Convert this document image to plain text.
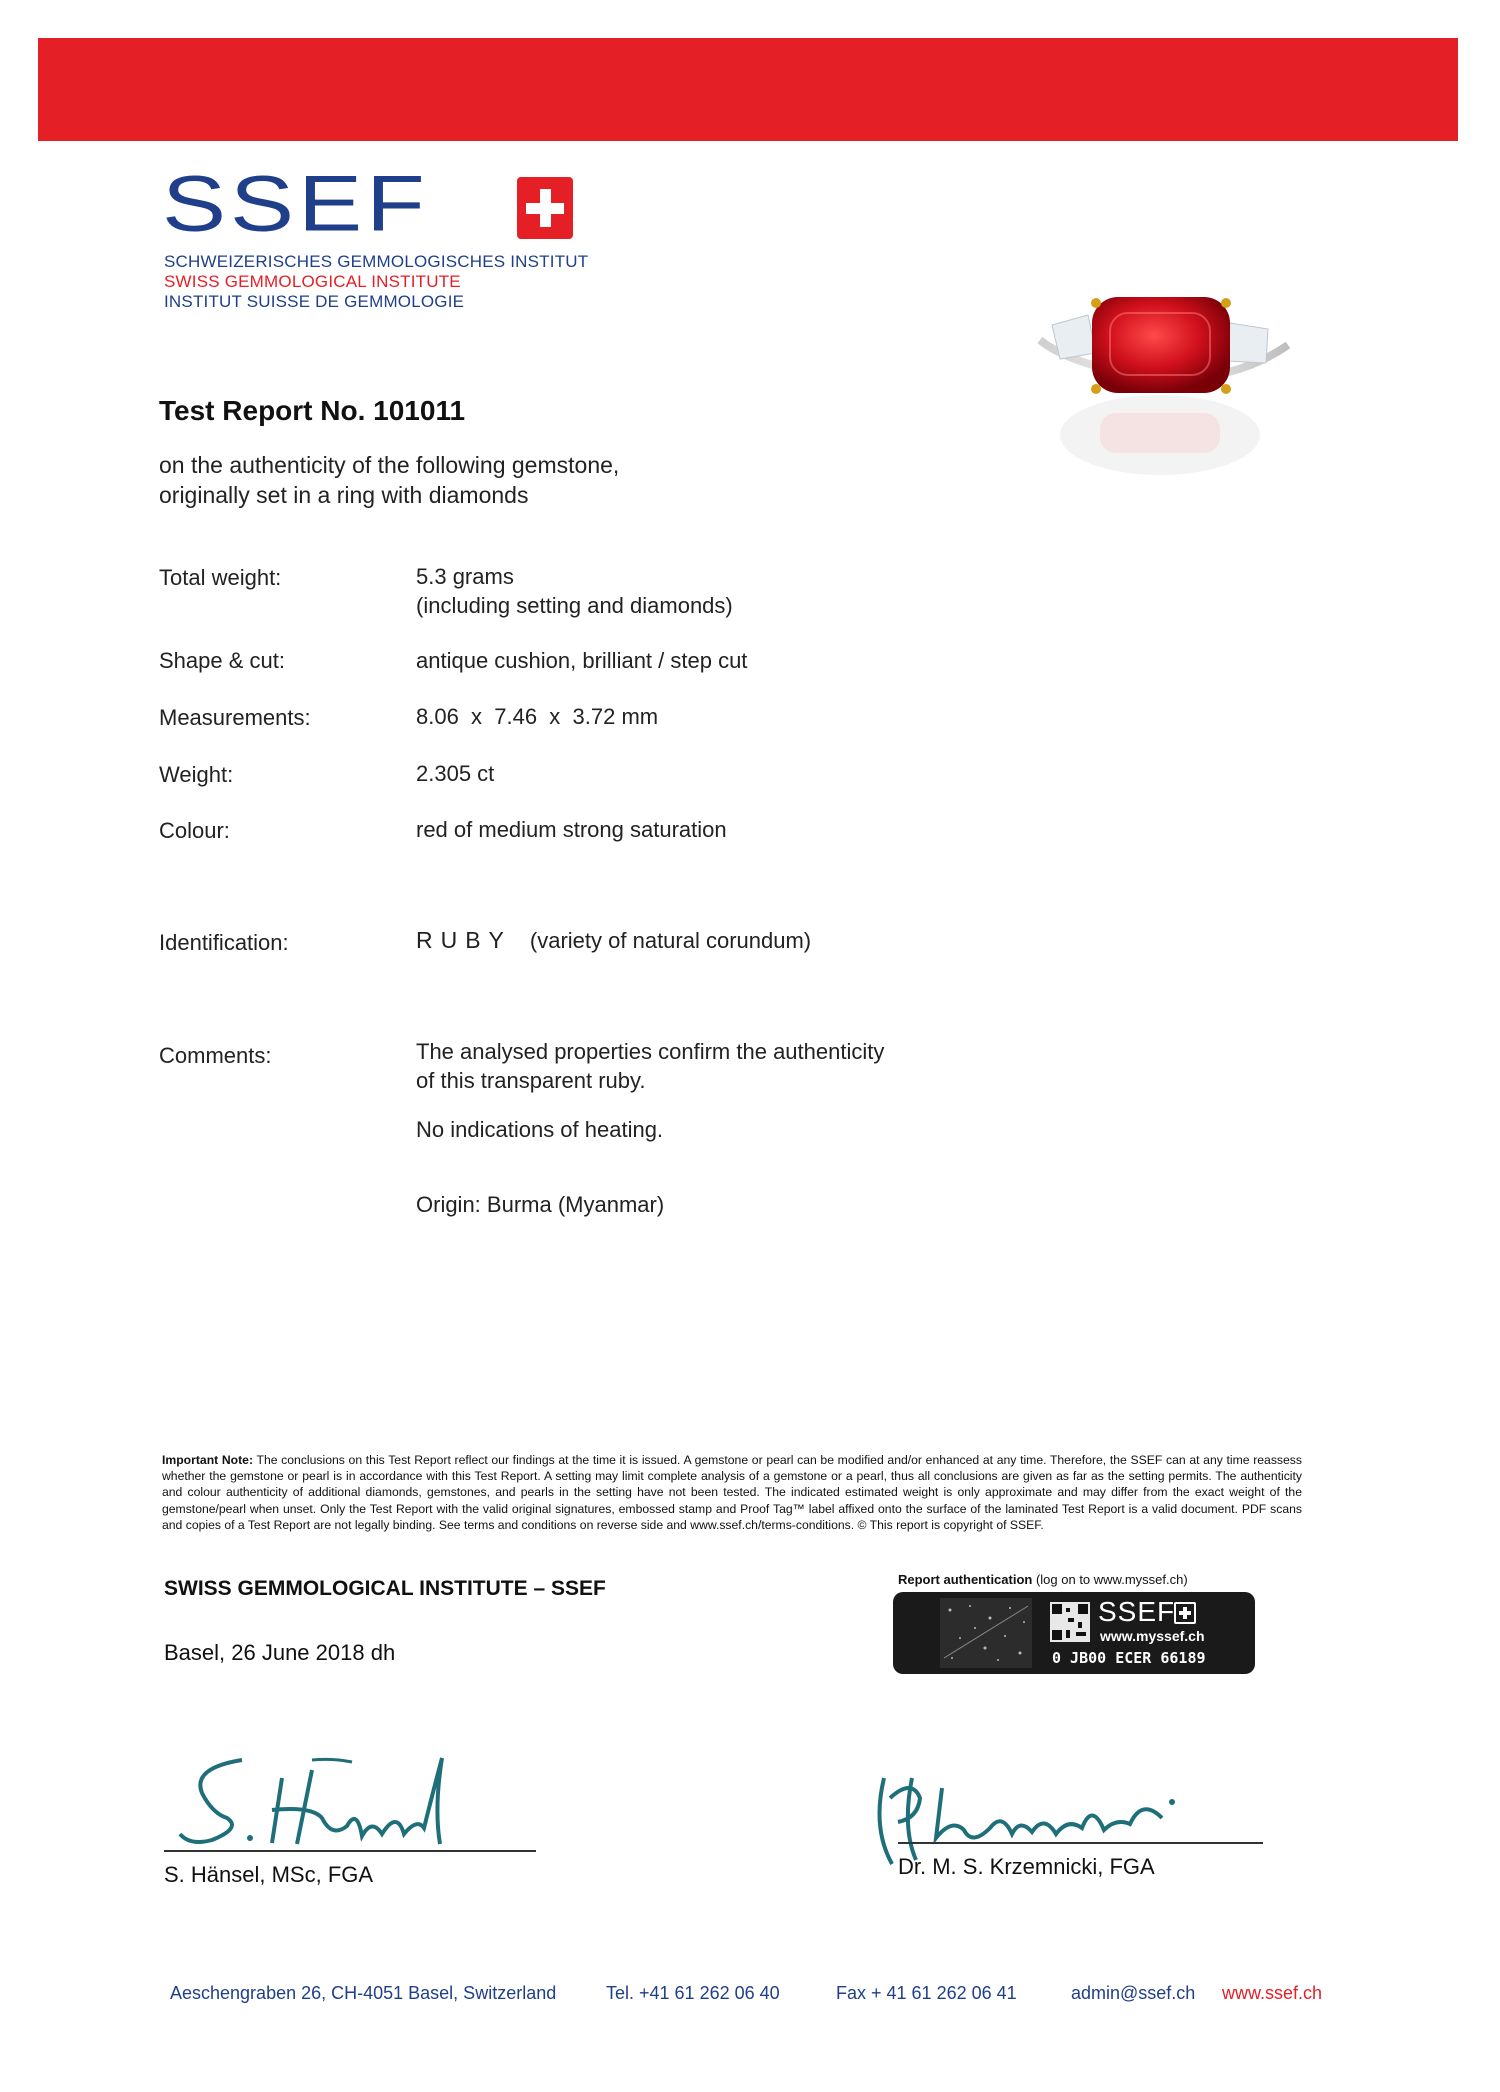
SSEF
SCHWEIZERISCHES GEMMOLOGISCHES INSTITUT
SWISS GEMMOLOGICAL INSTITUTE
INSTITUT SUISSE DE GEMMOLOGIE
Test Report No. 101011
on the authenticity of the following gemstone,
originally set in a ring with diamonds
Total weight:	5.3 grams
(including setting and diamonds)
Shape & cut:	antique cushion, brilliant / step cut
Measurements:	8.06  x  7.46  x  3.72 mm
Weight:	2.305 ct
Colour:	red of medium strong saturation
Identification:	RUBY (variety of natural corundum)
Comments:	The analysed properties confirm the authenticity
of this transparent ruby.
No indications of heating.
Origin: Burma (Myanmar)
Important Note: The conclusions on this Test Report reflect our findings at the time it is issued. A gemstone or pearl can be modified and/or enhanced at any time. Therefore, the SSEF can at any time reassess whether the gemstone or pearl is in accordance with this Test Report. A setting may limit complete analysis of a gemstone or a pearl, thus all conclusions are given as far as the setting permits. The authenticity and colour authenticity of additional diamonds, gemstones, and pearls in the setting have not been tested. The indicated estimated weight is only approximate and may differ from the exact weight of the gemstone/pearl when unset. Only the Test Report with the valid original signatures, embossed stamp and Proof Tag™ label affixed onto the surface of the laminated Test Report is a valid document. PDF scans and copies of a Test Report are not legally binding. See terms and conditions on reverse side and www.ssef.ch/terms-conditions. © This report is copyright of SSEF.
SWISS GEMMOLOGICAL INSTITUTE – SSEF
Basel, 26 June 2018 dh
Report authentication (log on to www.myssef.ch)
SSEF
www.myssef.ch
0 JB00 ECER 66189
S. Hänsel, MSc, FGA	Dr. M. S. Krzemnicki, FGA
Aeschengraben 26, CH-4051 Basel, Switzerland	Tel. +41 61 262 06 40	Fax + 41 61 262 06 41	admin@ssef.ch www.ssef.ch
